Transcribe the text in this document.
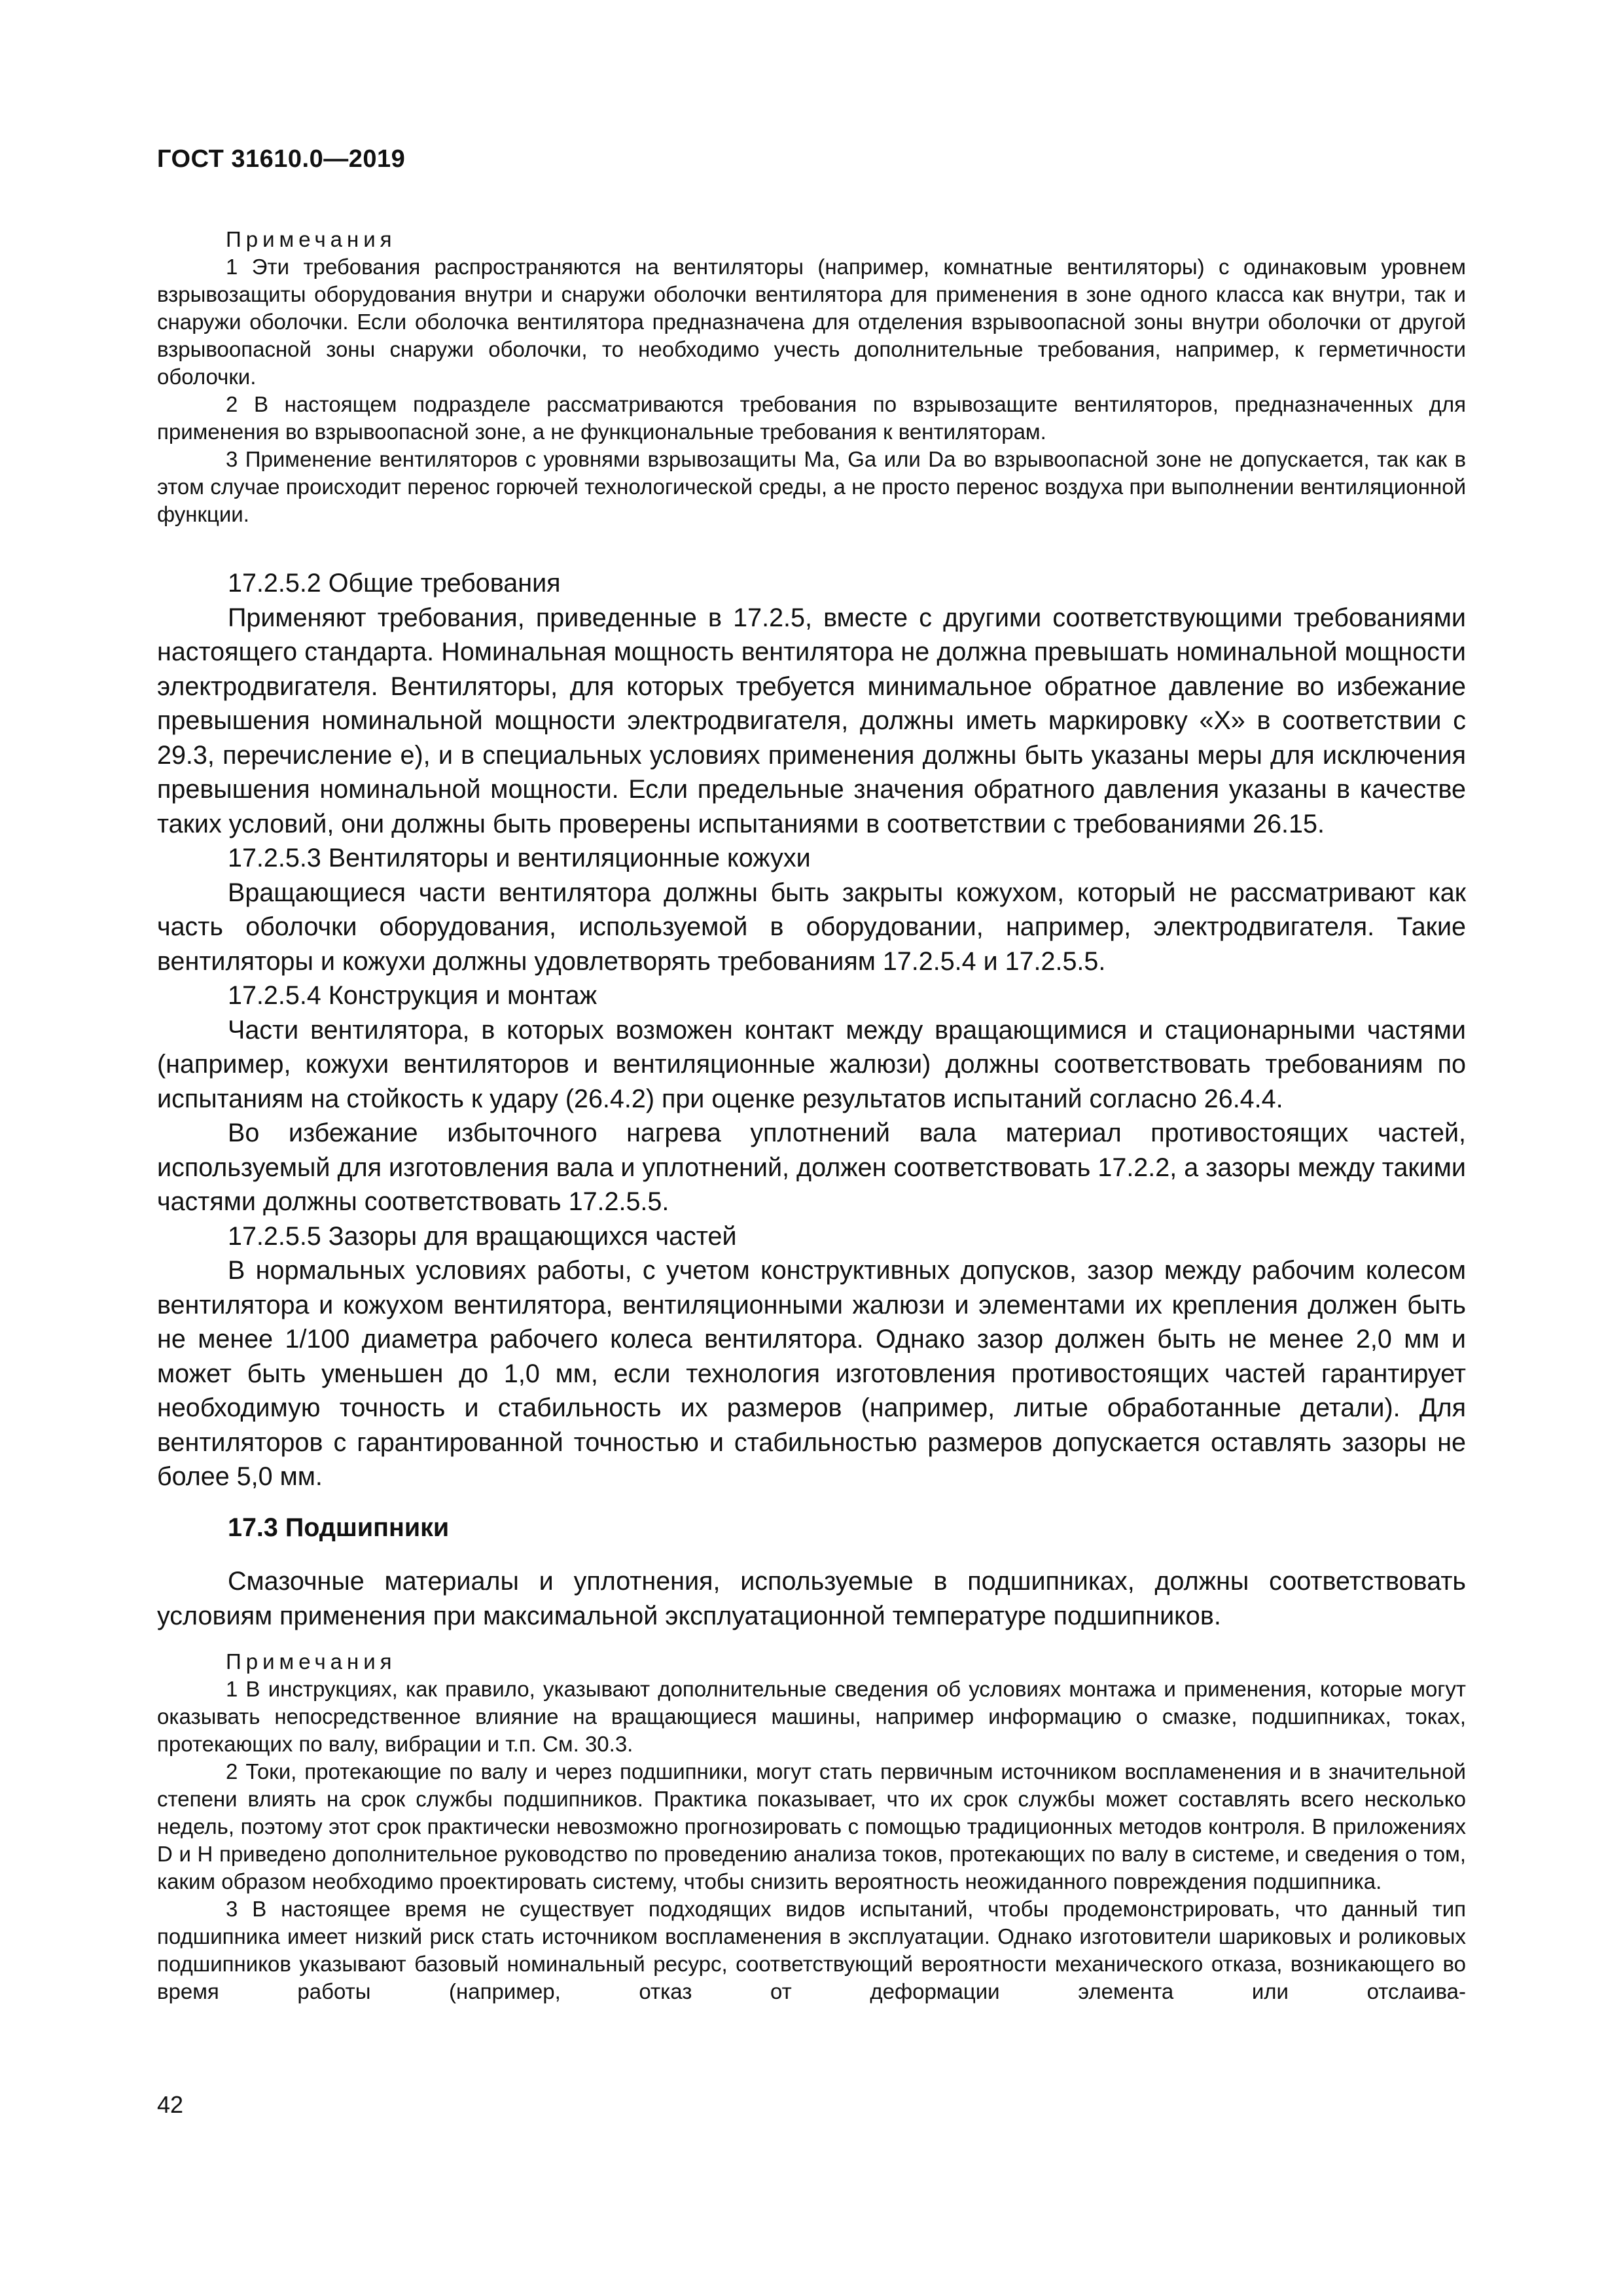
ГОСТ 31610.0—2019

Примечания

1 Эти требования распространяются на вентиляторы (например, комнатные вентиляторы) с одинаковым уровнем взрывозащиты оборудования внутри и снаружи оболочки вентилятора для применения в зоне одного класса как внутри, так и снаружи оболочки. Если оболочка вентилятора предназначена для отделения взрывоопасной зоны внутри оболочки от другой взрывоопасной зоны снаружи оболочки, то необходимо учесть дополнительные требования, например, к герметичности оболочки.

2 В настоящем подразделе рассматриваются требования по взрывозащите вентиляторов, предназначенных для применения во взрывоопасной зоне, а не функциональные требования к вентиляторам.

3 Применение вентиляторов с уровнями взрывозащиты Ма, Ga или Da во взрывоопасной зоне не допускается, так как в этом случае происходит перенос горючей технологической среды, а не просто перенос воздуха при выполнении вентиляционной функции.

17.2.5.2 Общие требования

Применяют требования, приведенные в 17.2.5, вместе с другими соответствующими требованиями настоящего стандарта. Номинальная мощность вентилятора не должна превышать номинальной мощности электродвигателя. Вентиляторы, для которых требуется минимальное обратное давление во избежание превышения номинальной мощности электродвигателя, должны иметь маркировку «X» в соответствии с 29.3, перечисление е), и в специальных условиях применения должны быть указаны меры для исключения превышения номинальной мощности. Если предельные значения обратного давления указаны в качестве таких условий, они должны быть проверены испытаниями в соответствии с требованиями 26.15.

17.2.5.3 Вентиляторы и вентиляционные кожухи

Вращающиеся части вентилятора должны быть закрыты кожухом, который не рассматривают как часть оболочки оборудования, используемой в оборудовании, например, электродвигателя. Такие вентиляторы и кожухи должны удовлетворять требованиям 17.2.5.4 и 17.2.5.5.

17.2.5.4 Конструкция и монтаж

Части вентилятора, в которых возможен контакт между вращающимися и стационарными частями (например, кожухи вентиляторов и вентиляционные жалюзи) должны соответствовать требованиям по испытаниям на стойкость к удару (26.4.2) при оценке результатов испытаний согласно 26.4.4.

Во избежание избыточного нагрева уплотнений вала материал противостоящих частей, используемый для изготовления вала и уплотнений, должен соответствовать 17.2.2, а зазоры между такими частями должны соответствовать 17.2.5.5.

17.2.5.5 Зазоры для вращающихся частей

В нормальных условиях работы, с учетом конструктивных допусков, зазор между рабочим колесом вентилятора и кожухом вентилятора, вентиляционными жалюзи и элементами их крепления должен быть не менее 1/100 диаметра рабочего колеса вентилятора. Однако зазор должен быть не менее 2,0 мм и может быть уменьшен до 1,0 мм, если технология изготовления противостоящих частей гарантирует необходимую точность и стабильность их размеров (например, литые обработанные детали). Для вентиляторов с гарантированной точностью и стабильностью размеров допускается оставлять зазоры не более 5,0 мм.

17.3 Подшипники

Смазочные материалы и уплотнения, используемые в подшипниках, должны соответствовать условиям применения при максимальной эксплуатационной температуре подшипников.

Примечания

1 В инструкциях, как правило, указывают дополнительные сведения об условиях монтажа и применения, которые могут оказывать непосредственное влияние на вращающиеся машины, например информацию о смазке, подшипниках, токах, протекающих по валу, вибрации и т.п. См. 30.3.

2 Токи, протекающие по валу и через подшипники, могут стать первичным источником воспламенения и в значительной степени влиять на срок службы подшипников. Практика показывает, что их срок службы может составлять всего несколько недель, поэтому этот срок практически невозможно прогнозировать с помощью традиционных методов контроля. В приложениях D и Н приведено дополнительное руководство по проведению анализа токов, протекающих по валу в системе, и сведения о том, каким образом необходимо проектировать систему, чтобы снизить вероятность неожиданного повреждения подшипника.

3 В настоящее время не существует подходящих видов испытаний, чтобы продемонстрировать, что данный тип подшипника имеет низкий риск стать источником воспламенения в эксплуатации. Однако изготовители шариковых и роликовых подшипников указывают базовый номинальный ресурс, соответствующий вероятности механического отказа, возникающего во время работы (например, отказ от деформации элемента или отслаива-

42
